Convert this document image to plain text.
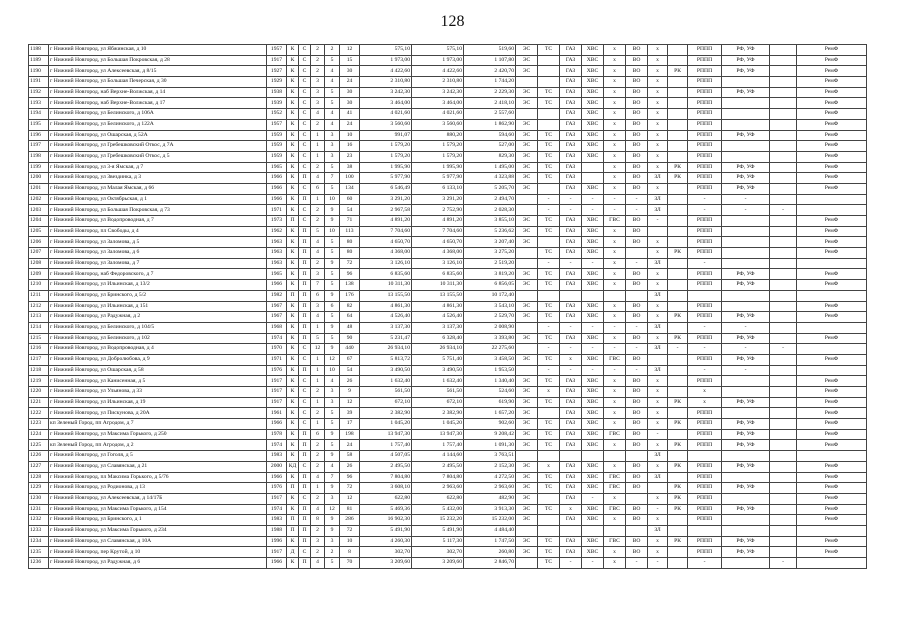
128
1188	г Нижний Новгород, ул Ябжинская, д 10	1957	К	С	2	2	12	575,10	575,10	519,60	ЭС	ТС	ГАЗ	ХВС	х	ВО	х		РППП	РФ, УФ		РемФ
1189	г Нижний Новгород, ул Большая Покровская, д 28	1917	К	С	2	5	15	1 973,00	1 973,00	1 107,80	ЭС		ГАЗ	ХВС	х	ВО	х		РППП	РФ, УФ		РемФ
1190	г Нижний Новгород, ул Алексеевская, д 8/15	1927	К	С	2	4	30	4 422,60	4 422,60	2 420,70	ЭС		ГАЗ	ХВС	х	ВО	х	РК	РППП	РФ, УФ		РемФ
1191	г Нижний Новгород, ул Большая Печерская, д 30	1929	К	С	3	4	24	2 310,80	2 310,80	1 744,20			ГАЗ	ХВС	х	ВО	х		РППП			РемФ
1192	г Нижний Новгород, наб Верхне-Волжская, д 14	1938	К	С	3	5	30	3 242,30	3 242,30	2 229,30	ЭС	ТС	ГАЗ	ХВС	х	ВО	х		РППП	РФ, УФ		РемФ
1193	г Нижний Новгород, наб Верхне-Волжская, д 17	1939	К	С	3	5	30	3 464,00	3 464,00	2 418,10	ЭС	ТС	ГАЗ	ХВС	х	ВО	х		РППП			РемФ
1194	г Нижний Новгород, ул Белинского, д 106А	1952	К	С	4	4	41	4 021,60	4 021,60	2 557,60			ГАЗ	ХВС	х	ВО	х		РППП			РемФ
1195	г Нижний Новгород, ул Белинского, д 122А	1957	К	С	2	4	24	3 560,60	3 560,60	1 862,90	ЭС		ГАЗ	ХВС	х	ВО	х		РППП			РемФ
1196	г Нижний Новгород, ул Ошарская, д 52А	1959	К	С	1	3	10	991,07	880,20	594,60	ЭС	ТС	ГАЗ	ХВС	х	ВО	х		РППП	РФ, УФ		РемФ
1197	г Нижний Новгород, ул Гребешковский Откос, д 7А	1959	К	С	1	3	16	1 579,20	1 579,20	527,00	ЭС	ТС	ГАЗ	ХВС	х	ВО	х		РППП			РемФ
1198	г Нижний Новгород, ул Гребешковский Откос, д 5	1959	К	С	1	3	23	1 579,20	1 579,20	829,30	ЭС	ТС	ГАЗ	ХВС	х	ВО	х		РППП			РемФ
1199	г Нижний Новгород, ул 3-я Ямская, д 7	1965	К	С	2	5	38	1 995,90	1 995,90	1 495,00	ЭС	ТС	ГАЗ		х	ВО	х	РК	РППП	РФ, УФ		РемФ
1200	г Нижний Новгород, ул Звездинка, д 3	1966	К	П	4	7	100	5 977,90	5 977,90	4 323,88	ЭС	ТС	ГАЗ		х	ВО	ЗЛ	РК	РППП	РФ, УФ		РемФ
1201	г Нижний Новгород, ул Малая Ямская, д 66	1966	К	С	6	5	134	6 546,49	6 133,10	5 205,70	ЭС		ГАЗ	ХВС	х	ВО	х		РППП	РФ, УФ		РемФ
1202	г Нижний Новгород, ул Октябрьская, д 1	1966	К	П	1	10	60	3 291,20	3 291,20	2 494,70		-	-	-	-	-	ЗЛ		-	-		
1203	г Нижний Новгород, ул Большая Покровская, д 73	1971	К	С	2	9	54	2 967,58	2 752,90	2 028,30		-	-	-	-	-	ЗЛ		-	-	-	
1204	г Нижний Новгород, ул Водопроводная, д 7	1973	П	С	2	9	71	4 891,20	4 891,20	3 855,10	ЭС	ТС	ГАЗ	ХВС	ГВС	ВО	-		РППП			РемФ
1205	г Нижний Новгород, пл Свободы, д 4	1962	К	П	5	10	113	7 704,60	7 704,60	5 236,62	ЭС	ТС	ГАЗ	ХВС	х	ВО			РППП			РемФ
1206	г Нижний Новгород, ул Заломова, д 5	1963	К	П	4	5	80	4 650,70	4 650,70	3 207,40	ЭС		ГАЗ	ХВС	х	ВО	х		РППП			РемФ
1207	г Нижний Новгород, ул Заломова, д 6	1963	К	П	4	5	80	4 368,00	4 368,00	3 275,20		ТС	ГАЗ	ХВС	х		х	РК	РППП			РемФ
1208	г Нижний Новгород, ул Заломова, д 7	1963	К	П	2	9	72	3 126,10	3 126,10	2 519,20		-	-	-	х	-	ЗЛ		-			
1209	г Нижний Новгород, наб Федоровского, д 7	1965	К	П	3	5	96	6 835,60	6 835,60	3 819,20	ЭС	ТС	ГАЗ	ХВС	х	ВО	х		РППП	РФ, УФ		РемФ
1210	г Нижний Новгород, ул Ильинская, д 13/2	1966	К	П	7	5	138	10 311,30	10 311,30	6 856,05	ЭС	ТС	ГАЗ	ХВС	х	ВО	х		РППП	РФ, УФ		РемФ
1211	г Нижний Новгород, ул Бринского, д 5/2	1982	П	П	6	9	176	13 155,50	13 155,50	10 172,40							ЗЛ					
1212	г Нижний Новгород, ул Ильинская, д 151	1967	К	П	3	6	82	4 861,30	4 861,30	3 543,10	ЭС	ТС	ГАЗ	ХВС	х	ВО	х		РППП			РемФ
1213	г Нижний Новгород, ул Радужная, д 2	1967	К	П	4	5	64	4 526,40	4 526,40	2 529,70	ЭС	ТС	ГАЗ	ХВС	х	ВО	х	РК	РППП	РФ, УФ		РемФ
1214	г Нижний Новгород, ул Белинского, д 104/5	1968	К	П	1	9	48	3 137,30	3 137,30	2 008,90		-	-	-	-	-	ЗЛ		-	-		
1215	г Нижний Новгород, ул Белинского, д 102	1974	К	П	5	5	90	5 231,47	6 328,40	3 393,80	ЭС	ТС	ГАЗ	ХВС	х	ВО	х	РК	РППП	РФ, УФ		РемФ
1216	г Нижний Новгород, ул Водопроводная, д 4	1970	К	С	12	9	440	26 934,10	26 934,10	22 275,60		-	-	-	-	-	ЗЛ	-	-	-	-	
1217	г Нижний Новгород, ул Добролюбова, д 9	1971	К	С	1	12	67	5 813,72	5 751,40	3 458,50	ЭС	ТС	х	ХВС	ГВС	ВО			РППП	РФ, УФ		РемФ
1218	г Нижний Новгород, ул Ошарская, д 58	1976	К	П	1	10	54	3 490,50	3 490,50	1 953,50		-	-	-	-	-	ЗЛ		-	-		
1219	г Нижний Новгород, ул Канисенная, д 5	1917	К	С	1	4	26	1 632,40	1 632,40	1 340,40	ЭС	ТС	ГАЗ	ХВС	х	ВО	х		РППП			РемФ
1220	г Нижний Новгород, ул Ульянова, д 33	1917	К	С	2	3	9	561,50	561,50	524,60	ЭС	х	ГАЗ	ХВС	х	ВО	х		х			РемФ
1221	г Нижний Новгород, ул Ильинская, д 19	1917	К	С	1	3	12	672,10	672,10	619,90	ЭС	ТС	ГАЗ	ХВС	х	ВО	х	РК	х	РФ, УФ		РемФ
1222	г Нижний Новгород, ул Пискунова, д 20А	1961	К	С	2	5	39	2 382,90	2 382,90	1 657,20	ЭС		ГАЗ	ХВС	х	ВО	х		РППП			РемФ
1223	кп Зеленый Город, пп Агродом, д 7	1966	К	С	1	5	17	1 045,20	1 045,20	902,60	ЭС	ТС	ГАЗ	ХВС	х	ВО	х	РК	РППП	РФ, УФ		РемФ
1224	г Нижний Новгород, ул Максима Горького, д 250	1978	К	П	6	9	198	13 947,30	13 947,30	9 208,42	ЭС	ТС	ГАЗ	ХВС	ГВС	ВО	-		РППП	РФ, УФ		РемФ
1225	кп Зеленый Город, пп Агродом, д 2	1974	К	П	2	5	24	1 757,40	1 757,40	1 091,30	ЭС	ТС	ГАЗ	ХВС	х	ВО	х	РК	РППП	РФ, УФ		РемФ
1226	г Нижний Новгород, ул Гоголя, д 5	1983	К	П	2	9	58	4 507,05	4 144,60	3 763,51							ЗЛ					
1227	г Нижний Новгород, ул Славянская, д 21	2000	КД	С	2	4	26	2 495,50	2 495,50	2 152,30	ЭС	х	ГАЗ	ХВС	х	ВО	х	РК	РППП	РФ, УФ		РемФ
1228	г Нижний Новгород, пл Максима Горького, д 5/76	1966	К	П	4	7	96	7 804,80	7 804,80	4 272,50	ЭС	ТС	ГАЗ	ХВС	ГВС	ВО	ЗЛ		РППП			РемФ
1229	г Нижний Новгород, ул Родионова, д 13	1976	П	П	1	9	72	3 608,10	2 963,60	2 963,60	ЭС	ТС	ГАЗ	ХВС	ГВС	ВО		РК	РППП	РФ, УФ		РемФ
1230	г Нижний Новгород, ул Алексеевская, д 14/17Б	1917	К	С	2	3	12	622,80	622,80	482,90	ЭС		ГАЗ	-	х		х	РК	РППП			РемФ
1231	г Нижний Новгород, ул Максима Горького, д 154	1974	К	П	4	12	81	5 469,36	5 432,00	3 913,30	ЭС	ТС	х	ХВС	ГВС	ВО	-	РК	РППП	РФ, УФ		РемФ
1232	г Нижний Новгород, ул Бринского, д 1	1983	П	П	8	9	286	16 902,30	15 232,20	15 232,00	ЭС		ГАЗ	ХВС	х	ВО	х		РППП			РемФ
1233	г Нижний Новгород, ул Максима Горького, д 234	1988	П	П	2	9	72	5 491,90	5 491,90	4 484,40							ЗЛ					
1234	г Нижний Новгород, ул Славянская, д 10А	1996	К	П	3	3	10	4 260,30	5 117,30	1 747,50	ЭС	ТС	ГАЗ	ХВС	ГВС	ВО	х	РК	РППП	РФ, УФ		РемФ
1235	г Нижний Новгород, пер Крутой, д 10	1917	Д	С	2	2	8	302,70	302,70	260,80	ЭС	ТС	ГАЗ	ХВС	х	ВО	х		РППП	РФ, УФ		РемФ
1236	г Нижний Новгород, ул Радужная, д 6	1966	К	П	4	5	70	3 209,60	3 209,60	2 846,70		ТС	-	-	х	-	-		-		-	
